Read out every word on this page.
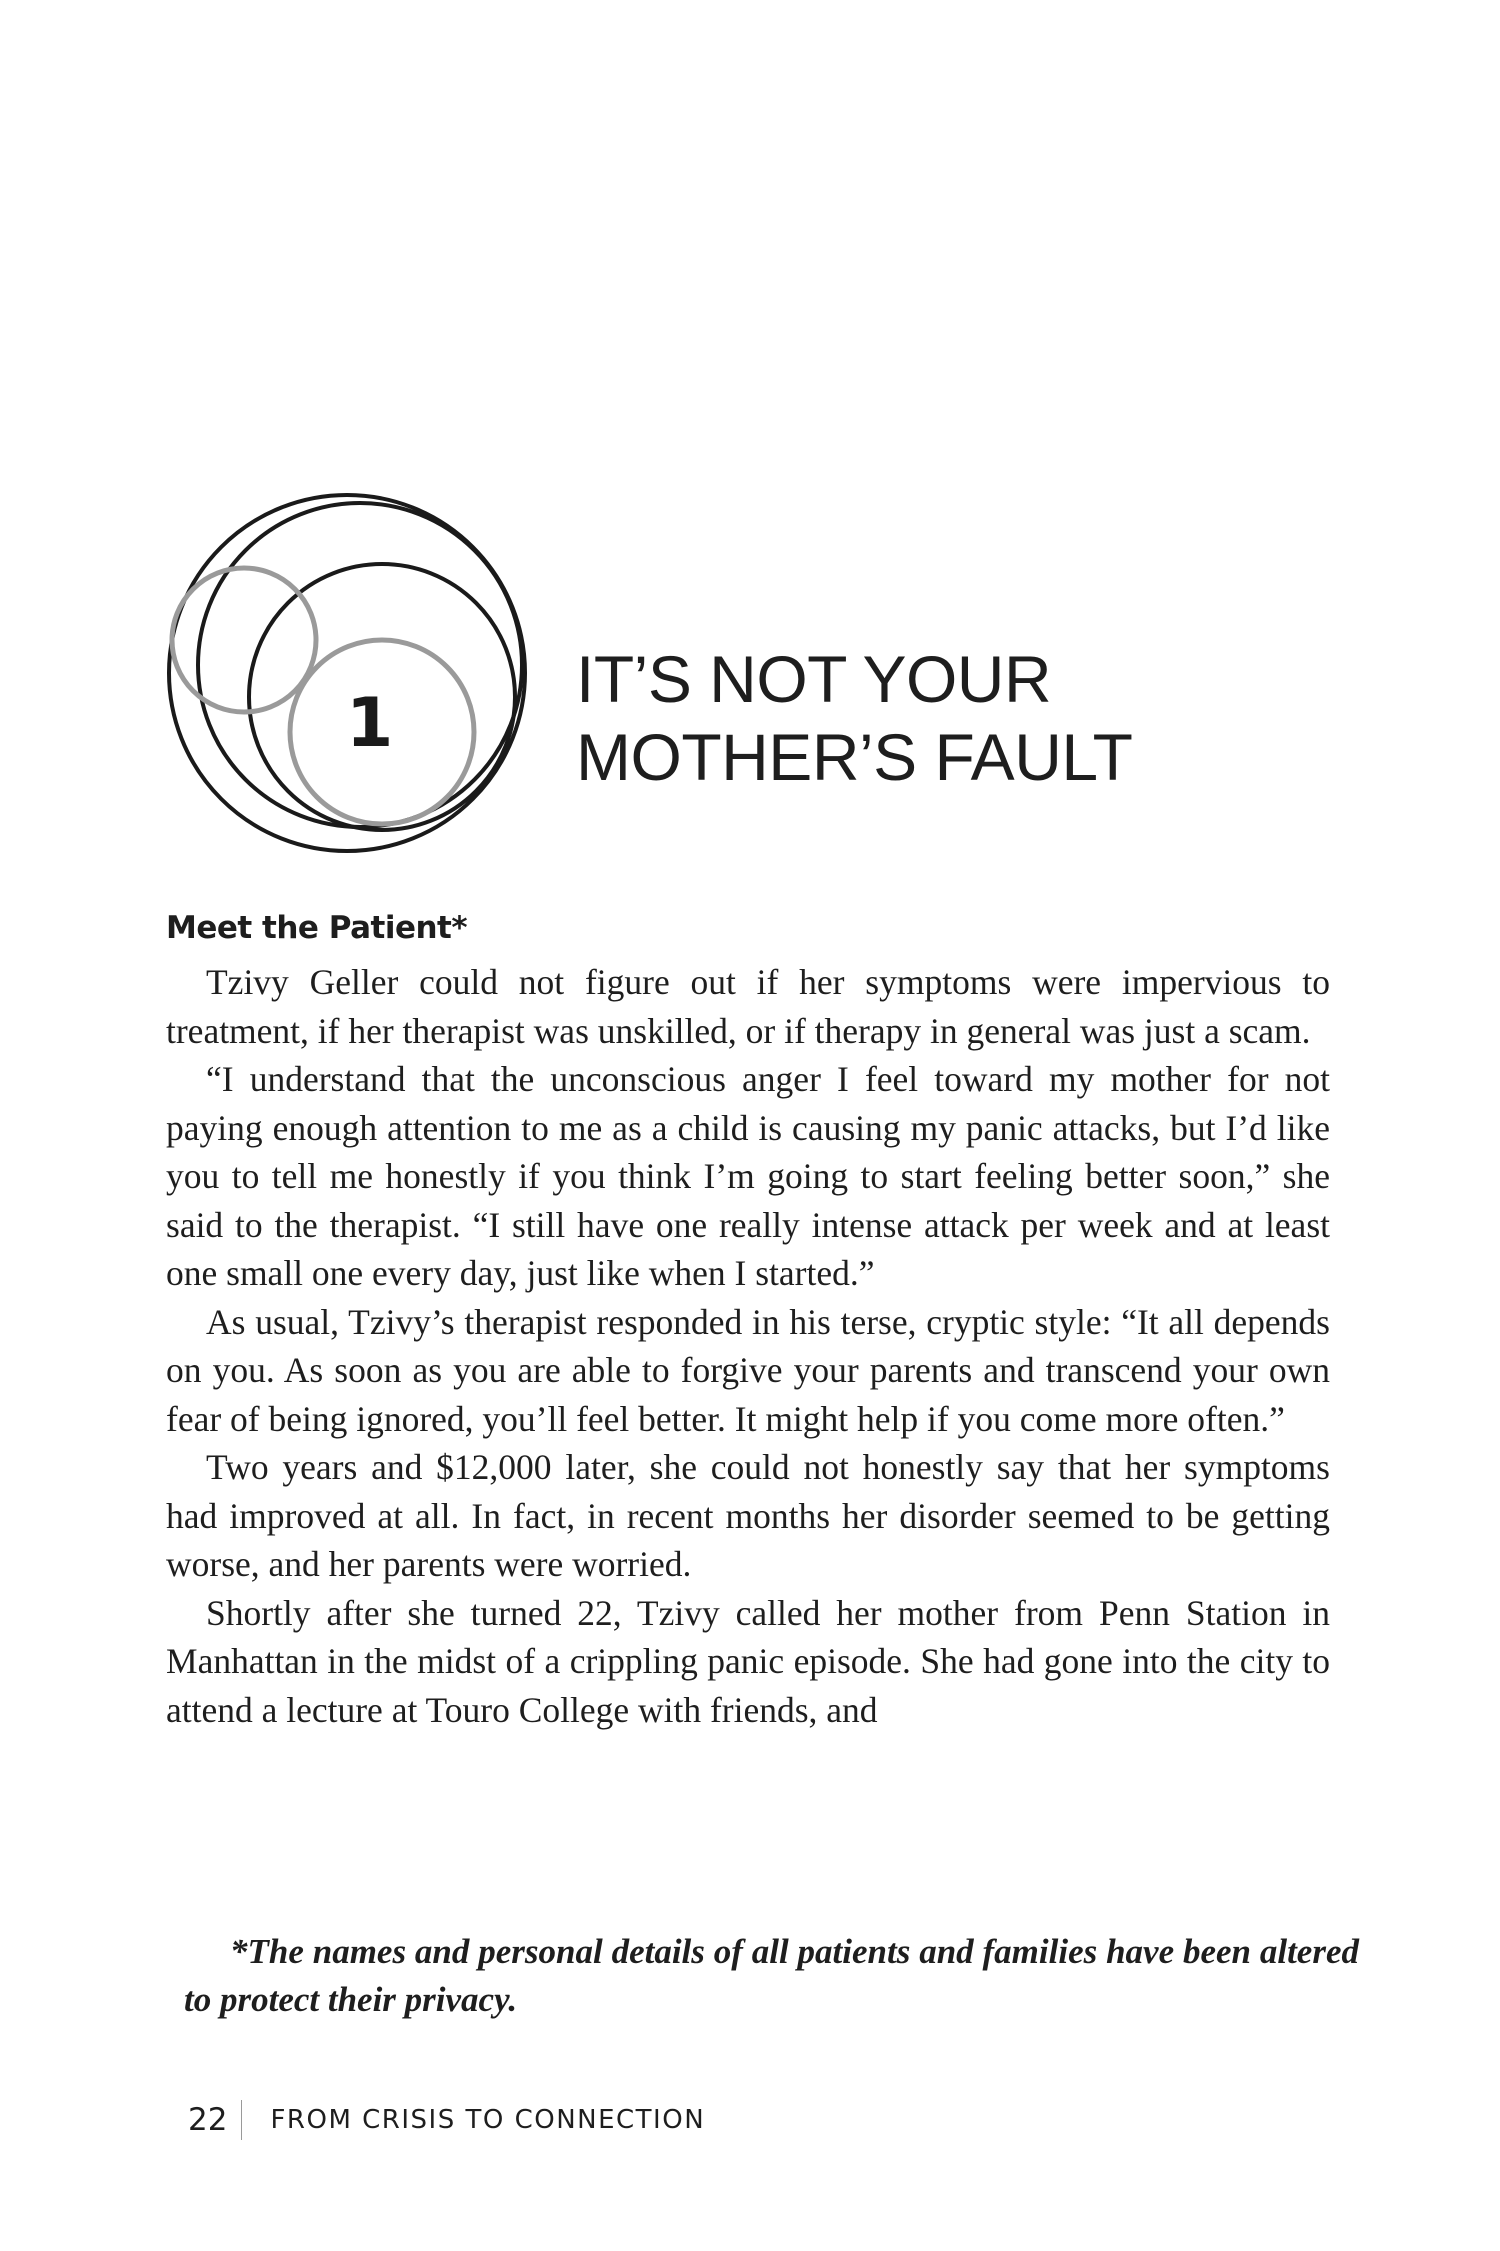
1
IT’S NOT YOUR
MOTHER’S FAULT
Meet the Patient*

Tzivy Geller could not figure out if her symptoms were impervious to treatment, if her therapist was unskilled, or if therapy in general was just a scam.

“I understand that the unconscious anger I feel toward my mother for not paying enough attention to me as a child is causing my panic attacks, but I’d like you to tell me honestly if you think I’m going to start feeling better soon,” she said to the therapist. “I still have one really intense attack per week and at least one small one every day, just like when I started.”

As usual, Tzivy’s therapist responded in his terse, cryptic style: “It all depends on you. As soon as you are able to forgive your parents and transcend your own fear of being ignored, you’ll feel better. It might help if you come more often.”

Two years and $12,000 later, she could not honestly say that her symptoms had improved at all. In fact, in recent months her disorder seemed to be getting worse, and her parents were worried.

Shortly after she turned 22, Tzivy called her mother from Penn Station in Manhattan in the midst of a crippling panic episode. She had gone into the city to attend a lecture at Touro College with friends, and

*The names and personal details of all patients and families have been altered to protect their privacy.
22 FROM CRISIS TO CONNECTION
